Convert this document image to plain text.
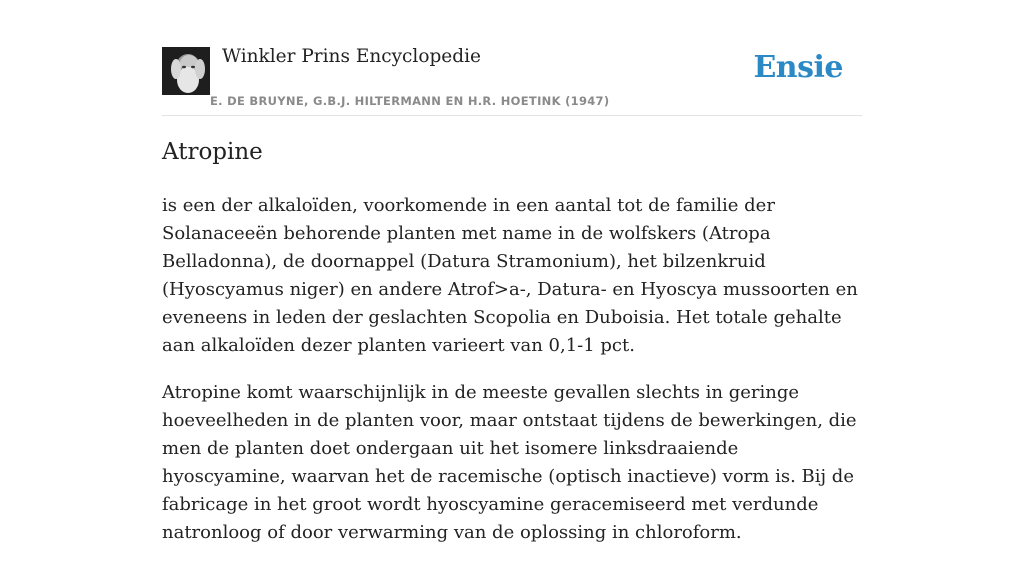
Winkler Prins Encyclopedie
E. DE BRUYNE, G.B.J. HILTERMANN EN H.R. HOETINK (1947)
Ensie
Atropine

is een der alkaloïden, voorkomende in een aantal tot de familie der Solanaceeën behorende planten met name in de wolfskers (Atropa Belladonna), de doornappel (Datura Stramonium), het bilzenkruid (Hyoscyamus niger) en andere Atrof>a-, Datura- en Hyoscya mussoorten en eveneens in leden der geslachten Scopolia en Duboisia. Het totale gehalte aan alkaloïden dezer planten varieert van 0,1-1 pct.

Atropine komt waarschijnlijk in de meeste gevallen slechts in geringe hoeveelheden in de planten voor, maar ontstaat tijdens de bewerkingen, die men de planten doet ondergaan uit het isomere linksdraaiende hyoscyamine, waarvan het de racemische (optisch inactieve) vorm is. Bij de fabricage in het groot wordt hyoscyamine geracemiseerd met verdunde natronloog of door verwarming van de oplossing in chloroform.
